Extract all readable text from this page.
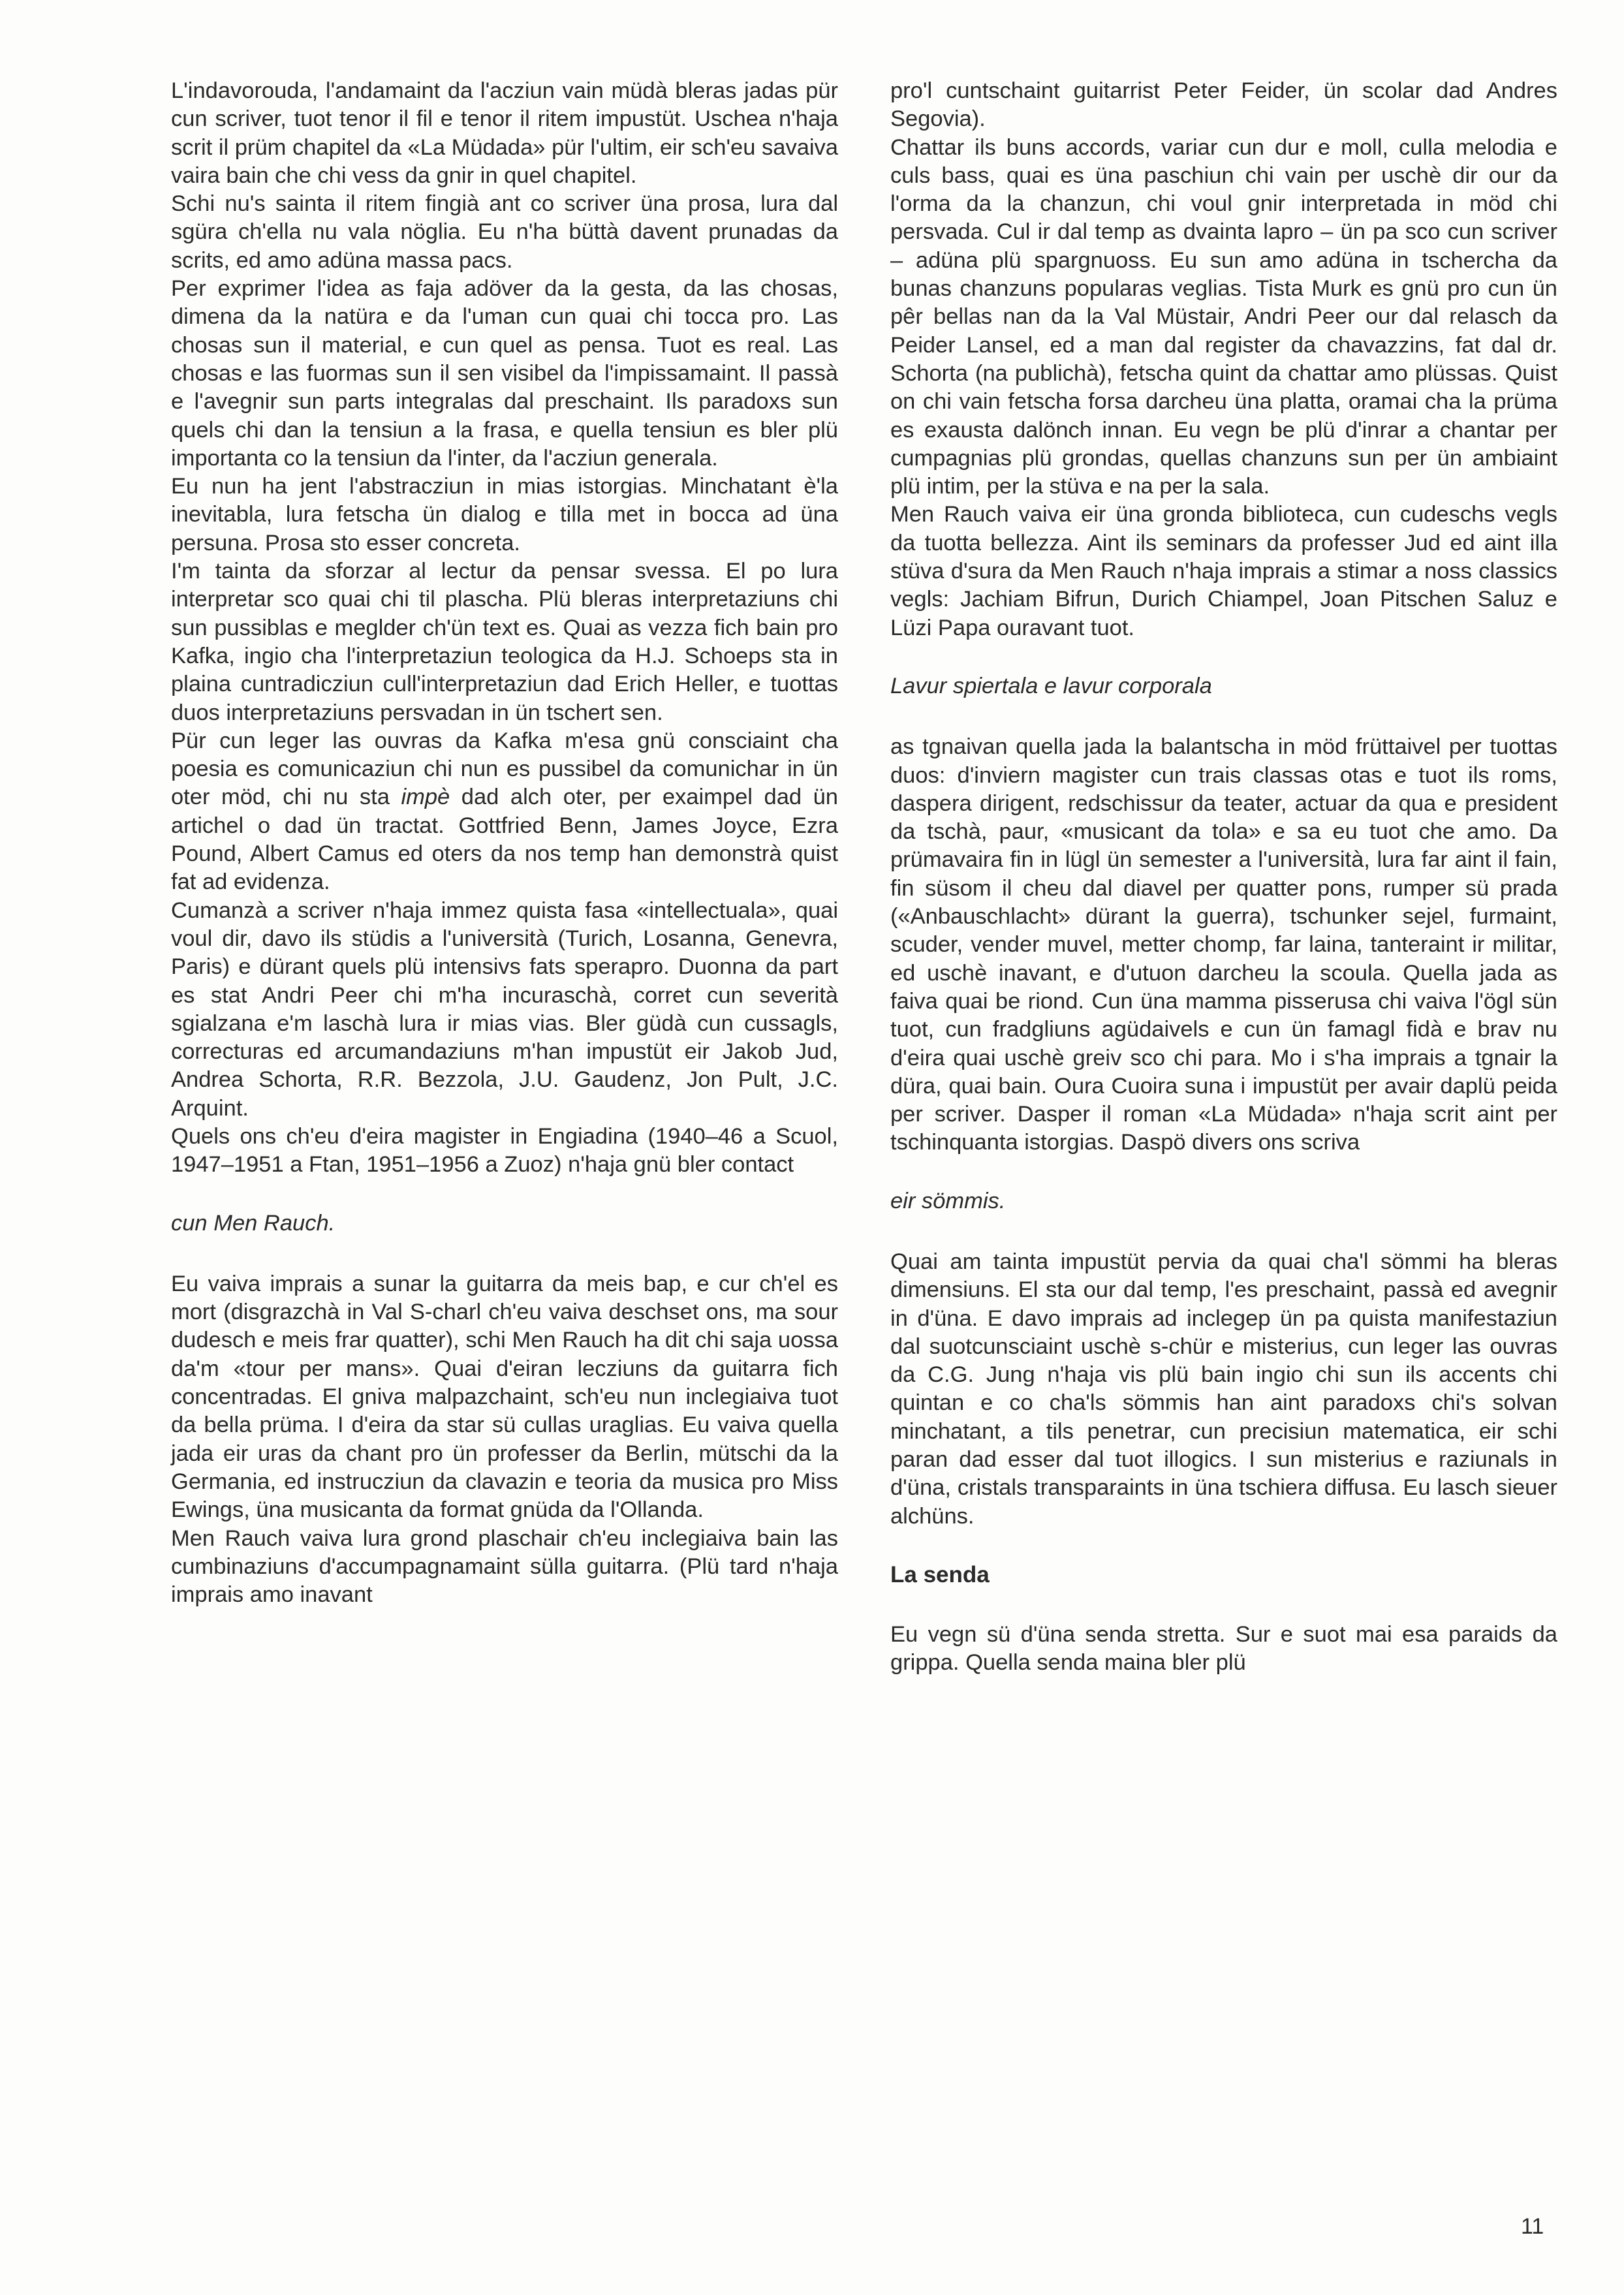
L'indavorouda, l'andamaint da l'acziun vain müdà bleras jadas pür cun scriver, tuot tenor il fil e tenor il ritem impustüt. Uschea n'haja scrit il prüm chapitel da «La Müdada» pür l'ultim, eir sch'eu savaiva vaira bain che chi vess da gnir in quel chapitel.

Schi nu's sainta il ritem fingià ant co scriver üna prosa, lura dal sgüra ch'ella nu vala nöglia. Eu n'ha büttà davent prunadas da scrits, ed amo adüna massa pacs.

Per exprimer l'idea as faja adöver da la gesta, da las chosas, dimena da la natüra e da l'uman cun quai chi tocca pro. Las chosas sun il material, e cun quel as pensa. Tuot es real. Las chosas e las fuormas sun il sen visibel da l'impissamaint. Il passà e l'avegnir sun parts integralas dal preschaint. Ils paradoxs sun quels chi dan la tensiun a la frasa, e quella tensiun es bler plü importanta co la tensiun da l'inter, da l'acziun generala.

Eu nun ha jent l'abstracziun in mias istorgias. Minchatant è'la inevitabla, lura fetscha ün dialog e tilla met in bocca ad üna persuna. Prosa sto esser concreta.

I'm tainta da sforzar al lectur da pensar svessa. El po lura interpretar sco quai chi til plascha. Plü bleras interpretaziuns chi sun pussiblas e meglder ch'ün text es. Quai as vezza fich bain pro Kafka, ingio cha l'interpretaziun teologica da H.J. Schoeps sta in plaina cuntradicziun cull'interpretaziun dad Erich Heller, e tuottas duos interpretaziuns persvadan in ün tschert sen.

Pür cun leger las ouvras da Kafka m'esa gnü consciaint cha poesia es comunicaziun chi nun es pussibel da comunichar in ün oter möd, chi nu sta impè dad alch oter, per exaimpel dad ün artichel o dad ün tractat. Gottfried Benn, James Joyce, Ezra Pound, Albert Camus ed oters da nos temp han demonstrà quist fat ad evidenza.

Cumanzà a scriver n'haja immez quista fasa «intellectuala», quai voul dir, davo ils stüdis a l'università (Turich, Losanna, Genevra, Paris) e dürant quels plü intensivs fats sperapro. Duonna da part es stat Andri Peer chi m'ha incuraschà, corret cun severità sgialzana e'm laschà lura ir mias vias. Bler güdà cun cussagls, correcturas ed arcumandaziuns m'han impustüt eir Jakob Jud, Andrea Schorta, R.R. Bezzola, J.U. Gaudenz, Jon Pult, J.C. Arquint.

Quels ons ch'eu d'eira magister in Engiadina (1940–46 a Scuol, 1947–1951 a Ftan, 1951–1956 a Zuoz) n'haja gnü bler contact

cun Men Rauch.

Eu vaiva imprais a sunar la guitarra da meis bap, e cur ch'el es mort (disgrazchà in Val S-charl ch'eu vaiva deschset ons, ma sour dudesch e meis frar quatter), schi Men Rauch ha dit chi saja uossa da'm «tour per mans». Quai d'eiran lecziuns da guitarra fich concentradas. El gniva malpazchaint, sch'eu nun inclegiaiva tuot da bella prüma. I d'eira da star sü cullas uraglias. Eu vaiva quella jada eir uras da chant pro ün professer da Berlin, mütschi da la Germania, ed instrucziun da clavazin e teoria da musica pro Miss Ewings, üna musicanta da format gnüda da l'Ollanda.

Men Rauch vaiva lura grond plaschair ch'eu inclegiaiva bain las cumbinaziuns d'accumpagnamaint süllа guitarra. (Plü tard n'haja imprais amo inavant

pro'l cuntschaint guitarrist Peter Feider, ün scolar dad Andres Segovia).

Chattar ils buns accords, variar cun dur e moll, culla melodia e culs bass, quai es üna paschiun chi vain per uschè dir our da l'orma da la chanzun, chi voul gnir interpretada in möd chi persvada. Cul ir dal temp as dvainta lapro – ün pa sco cun scriver – adüna plü spargnuoss. Eu sun amo adüna in tschercha da bunas chanzuns popularas veglias. Tista Murk es gnü pro cun ün pêr bellas nan da la Val Müstair, Andri Peer our dal relasch da Peider Lansel, ed a man dal register da chavazzins, fat dal dr. Schorta (na publichà), fetscha quint da chattar amo plüssas. Quist on chi vain fetscha forsa darcheu üna platta, oramai cha la prüma es exausta dalönch innan. Eu vegn be plü d'inrar a chantar per cumpagnias plü grondas, quellas chanzuns sun per ün ambiaint plü intim, per la stüva e na per la sala.

Men Rauch vaiva eir üna gronda biblioteca, cun cudeschs vegls da tuotta bellezza. Aint ils seminars da professer Jud ed aint illa stüva d'sura da Men Rauch n'haja imprais a stimar a noss classics vegls: Jachiam Bifrun, Durich Chiampel, Joan Pitschen Saluz e Lüzi Papa ouravant tuot.

Lavur spiertala e lavur corporala

as tgnaivan quella jada la balantscha in möd früttaivel per tuottas duos: d'inviern magister cun trais classas otas e tuot ils roms, daspera dirigent, redschissur da teater, actuar da qua e president da tschà, paur, «musicant da tola» e sa eu tuot che amo. Da prümavaira fin in lügl ün semester a l'università, lura far aint il fain, fin süsom il cheu dal diavel per quatter pons, rumper sü prada («Anbauschlacht» dürant la guerra), tschunker sejel, furmaint, scuder, vender muvel, metter chomp, far laina, tanteraint ir militar, ed uschè inavant, e d'utuon darcheu la scoula. Quella jada as faiva quai be riond. Cun üna mamma pisserusa chi vaiva l'ögl sün tuot, cun fradgliuns agüdaivels e cun ün famagl fidà e brav nu d'eira quai uschè greiv sco chi para. Mo i s'ha imprais a tgnair la düra, quai bain. Oura Cuoira suna i impustüt per avair daplü peida per scriver. Dasper il roman «La Müdada» n'haja scrit aint per tschinquanta istorgias. Daspö divers ons scriva

eir sömmis.

Quai am tainta impustüt pervia da quai cha'l sömmi ha bleras dimensiuns. El sta our dal temp, l'es preschaint, passà ed avegnir in d'üna. E davo imprais ad inclegер ün pa quista manifestaziun dal suotcunsciaint uschè s-chür e misterius, cun leger las ouvras da C.G. Jung n'haja vis plü bain ingio chi sun ils accents chi quintan e co cha'ls sömmis han aint paradoxs chi's solvan minchatant, a tils penetrar, cun precisiun matematica, eir schi paran dad esser dal tuot illogics. I sun misterius e raziunals in d'üna, cristals transparaints in üna tschiera diffusa. Eu lasch sieuer alchüns.

La senda

Eu vegn sü d'üna senda stretta. Sur e suot mai esa paraids da grippa. Quella senda maina bler plü

11
